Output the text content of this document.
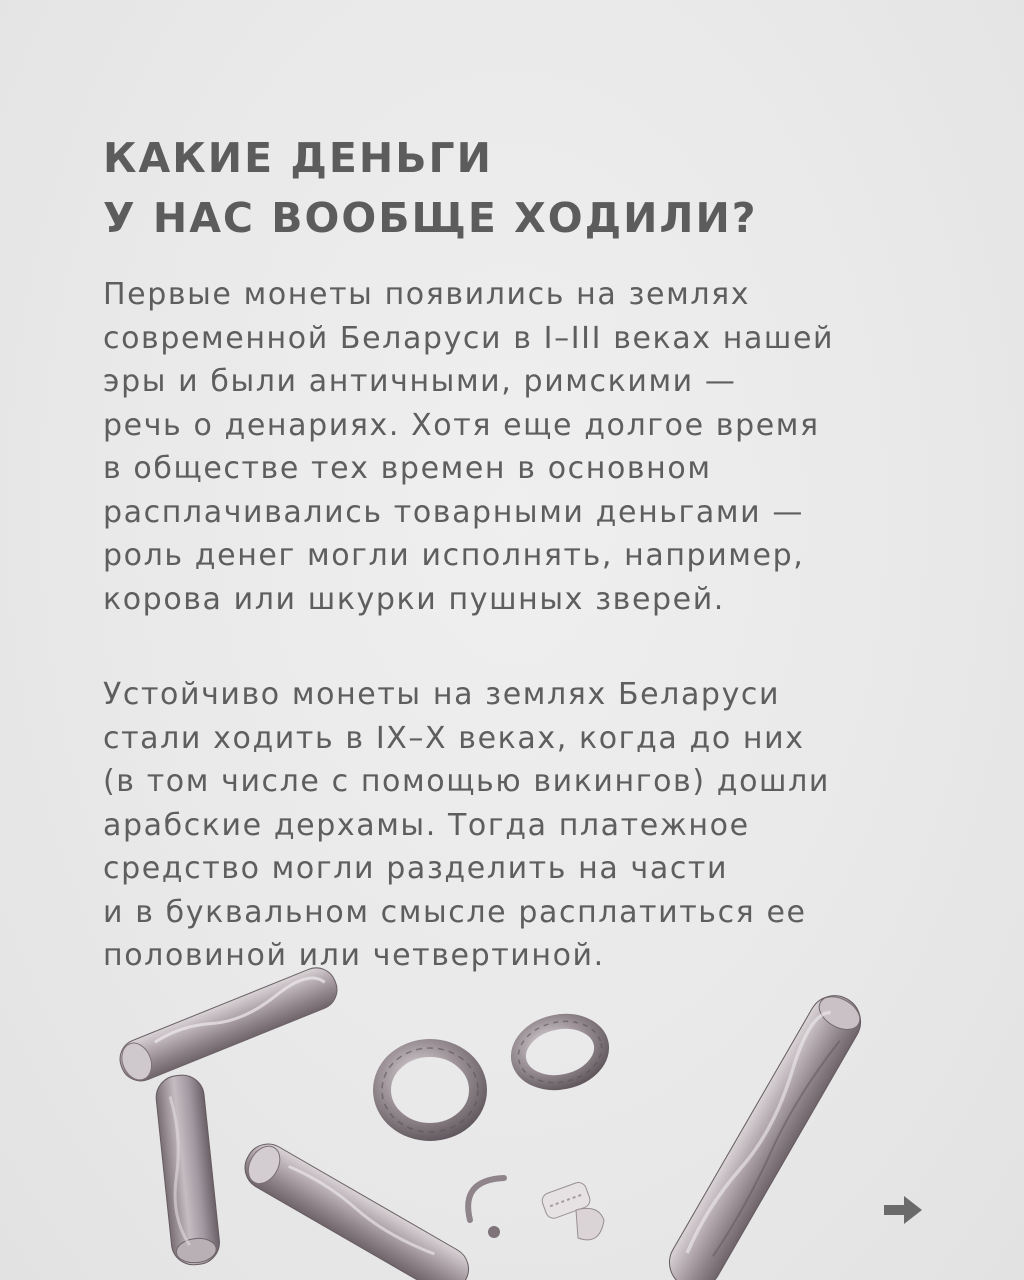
КАКИЕ ДЕНЬГИ
У НАС ВООБЩЕ ХОДИЛИ?
Первые монеты появились на землях
современной Беларуси в I–III веках нашей
эры и были античными, римскими —
речь о денариях. Хотя еще долгое время
в обществе тех времен в основном
расплачивались товарными деньгами —
роль денег могли исполнять, например,
корова или шкурки пушных зверей.
Устойчиво монеты на землях Беларуси
стали ходить в IX–X веках, когда до них
(в том числе с помощью викингов) дошли
арабские дерхамы. Тогда платежное
средство могли разделить на части
и в буквальном смысле расплатиться ее
половиной или четвертиной.
